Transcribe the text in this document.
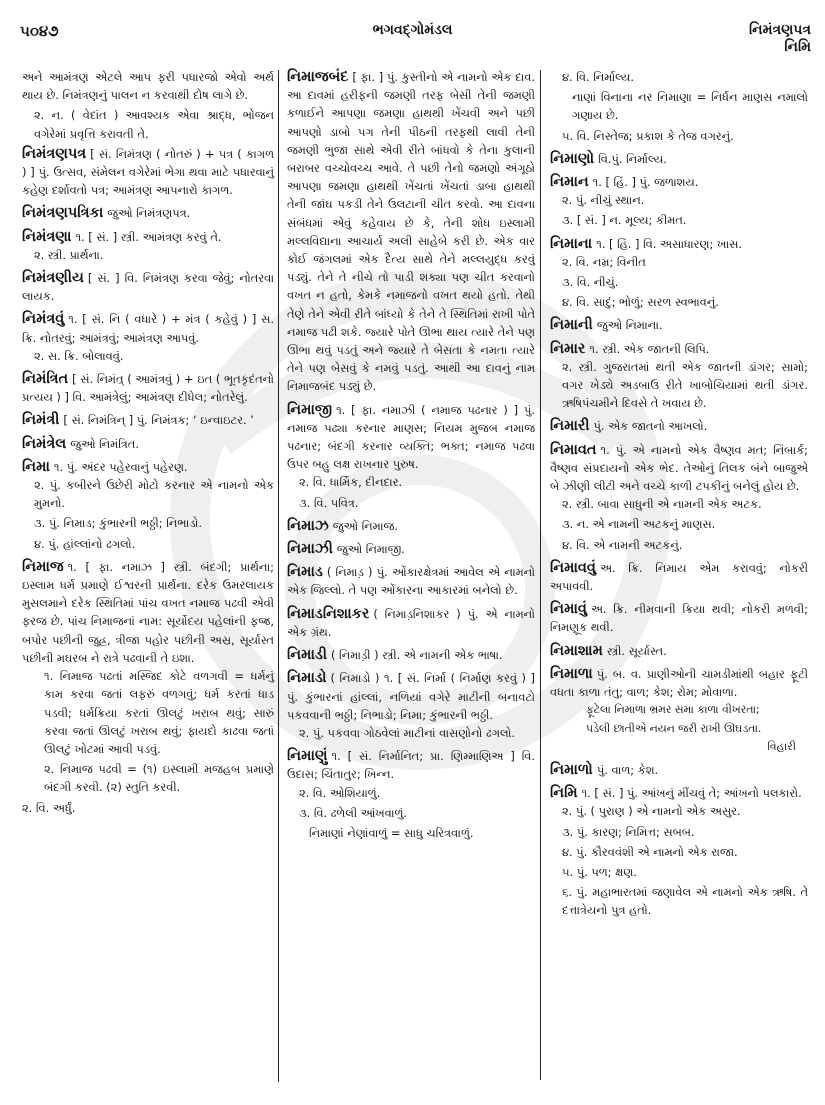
૫૦૪૭	ભગવદ્ગોમંડલ	નિમંત્રણપત્ર
નિમિ

અને આમંત્રણ એટલે આપ ફરી પધારજો એવો અર્થ થાય છે. નિમંત્રણનું પાલન ન કરવાથી દોષ લાગે છે.

૨. ન. ( વેદાંત ) આવશ્યક એવા શ્રાદ્ધ, ભોજન વગેરેમાં પ્રવૃત્તિ કરાવતી તે.

નિમંત્રણપત્ર [ સં. નિમંત્રણ ( નોતરું ) + પત્ર ( કાગળ ) ] પું. ઉત્સવ, સંમેલન વગેરેમાં ભેગા થવા માટે પધારવાનું કહેણ દર્શાવતો પત્ર; આમંત્રણ આપનારો કાગળ.
નિમંત્રણપત્રિકા જુઓ નિમંત્રણપત્ર.
નિમંત્રણા ૧. [ સં. ] સ્ત્રી. આમંત્રણ કરવું તે.
૨. સ્ત્રી. પ્રાર્થના.
નિમંત્રણીય [ સં. ] વિ. નિમંત્રણ કરવા જેવું; નોતરવા લાયક.
નિમંત્રવું ૧. [ સં. નિ ( વધારે ) + મંત્ર ( કહેવું ) ] સ. ક્રિ. નોતરવું; આમંત્રવું; આમંત્રણ આપવું.
૨. સ. ક્રિ. બોલાવવું.
નિમંત્રિત [ સં. નિમંત્ર્ ( આમંત્રવું ) + ઇત ( ભૂતકૃદંતનો પ્રત્યય ) ] વિ. આમંત્રેલું; આમંત્રણ દીધેલ; નોતરેલું.
નિમંત્રી [ સં. નિમંત્રિન્ ] પું. નિમંત્રક; ‘ ઇન્વાઇટર. ’
નિમંત્રેલ જુઓ નિમંત્રિત.
નિમા ૧. પું. અંદર પહેરવાનું પહેરણ.
૨. પું. કબીરને ઉછેરી મોટો કરનાર એ નામનો એક મુમનો.
૩. પું. નિમાડ; કુંભારની ભઠ્ઠી; નિભાડો.
૪. પું. હાંલ્લાંનો ઢગલો.
નિમાજ ૧. [ ફા. નમાઝ ] સ્ત્રી. બંદગી; પ્રાર્થના; ઇસ્લામ ધર્મ પ્રમાણે ઈશ્વરની પ્રાર્થના. દરેક ઉમરલાયક મુસલમાને દરેક સ્થિતિમાં પાંચ વખત નમાજ પઢવી એવી ફરજ છે. પાંચ નિમાજનાં નામ: સૂર્યોદય પહેલાંની ફજ્ર, બપોર પછીની જુહ્ર, ત્રીજા પહોર પછીની અસ્ર, સૂર્યાસ્ત પછીની મઘરબ ને રાત્રે પઢવાની તે ઇશા.
૧. નિમાજ પઢતાં મસ્જિદ કોટે વળગવી = ધર્મનું કામ કરવા જતાં લફરું વળગવું; ધર્મ કરતાં ધાડ પડવી; ધર્મક્રિયા કરતાં ઊલટું ખરાબ થવું; સારું કરવા જતાં ઊલટું ખરાબ થવું; ફાયદો કાઢવા જતાં ઊલટું ખોટમાં આવી પડવું.
૨. નિમાજ પઢવી = (૧) ઇસ્લામી મજહબ પ્રમાણે બંદગી કરવી. (૨) સ્તુતિ કરવી.
૨. વિ. અર્ધું.
નિમાજબંદ [ ફા. ] પું. કુસ્તીનો એ નામનો એક દાવ. આ દાવમાં હરીફની જમણી તરફ બેસી તેની જમણી કળાઈને આપણા જમણા હાથથી ખેંચવી અને પછી આપણો ડાબો પગ તેની પીઠની તરફથી લાવી તેની જમણી ભુજા સાથે એવી રીતે બાંધવો કે તેના કુલાની બરાબર વચ્ચોવચ્ચ આવે. તે પછી તેનો જમણો અંગૂઠો આપણા જમણા હાથથી ખેંચતાં ખેંચતાં ડાબા હાથથી તેની જાંઘ પકડી તેને ઉલટાની ચીત કરવો. આ દાવના સંબંધમાં એવું કહેવાય છે કે, તેની શોધ ઇસ્લામી મલ્લવિદ્યાના આચાર્ય અલી સાહેબે કરી છે. એક વાર કોઈ જંગલમાં એક દૈત્ય સાથે તેને મલ્લયુદ્ધ કરવું પડ્યું. તેને તે નીચે તો પાડી શક્યા પણ ચીત કરવાનો વખત ન હતો, કેમકે નમાજનો વખત થયો હતો. તેથી તેણે તેને એવી રીતે બાંધ્યો કે તેને તે સ્થિતિમાં રાખી પોતે નમાજ પઢી શકે. જ્યારે પોતે ઊભા થાય ત્યારે તેને પણ ઊભા થવું પડતું અને જ્યારે તે બેસતા કે નમતા ત્યારે તેને પણ બેસવું કે નમવું પડતું. આથી આ દાવનું નામ નિમાજબંદ પડ્યું છે.
નિમાજી ૧. [ ફા. નમાઝી ( નમાજ પઢનાર ) ] પું. નમાજ પઢ્યા કરનાર માણસ; નિયમ મુજબ નમાજ પઢનાર; બંદગી કરનાર વ્યક્તિ; ભક્ત; નમાજ પઢવા ઉપર બહુ લક્ષ રાખનાર પુરુષ.
૨. વિ. ધાર્મિક, દીનદાર.
૩. વિ. પવિત્ર.
નિમાઝ જુઓ નિમાજ.
નિમાઝી જુઓ નિમાજી.
નિમાડ ( નિમાડ઼ ) પું. ઓંકારક્ષેત્રમાં આવેલ એ નામનો એક જિલ્લો. તે પણ ઓંકારના આકારમાં બનેલો છે.
નિમાડનિશાકર ( નિમાડ઼નિશાકર ) પું. એ નામનો એક ગ્રંથ.
નિમાડી ( નિમાડ઼ી ) સ્ત્રી. એ નામની એક ભાષા.
નિમાડો ( નિમાડો ) ૧. [ સં. નિર્મા ( નિર્માણ કરવું ) ] પું. કુંભારનાં હાંલ્લાં, નળિયાં વગેરે માટીની બનાવટો પકવવાની ભઠ્ઠી; નિભાડો; નિમા; કુંભારની ભઠ્ઠી.
૨. પું. પકવવા ગોઠવેલાં માટીનાં વાસણોનો ઢગલો.
નિમાણું ૧. [ સં. નિર્માનિત; પ્રા. ણિમ્માણિઅ ] વિ. ઉદાસ; ચિંતાતુર; ખિન્ન.
૨. વિ. ઓશિયાળું.
૩. વિ. ઢળેલી આંખવાળું.
નિમાણાં નેણાંવાળું = સાધુ ચરિત્રવાળું.
૪. વિ. નિર્માલ્ય.
નાણાં વિનાના નર નિમાણા = નિર્ધન માણસ નમાલો ગણાય છે.
૫. વિ. નિસ્તેજ; પ્રકાશ કે તેજ વગરનું.
નિમાણો વિ.પું. નિર્માલ્ય.
નિમાન ૧. [ હિં. ] પું. જળાશય.
૨. પું. નીચું સ્થાન.
૩. [ સં. ] ન. મૂલ્ય; કીમત.
નિમાના ૧. [ હિં. ] વિ. અસાધારણ; ખાસ.
૨. વિ. નમ્ર; વિનીત
૩. વિ. નીચું.
૪. વિ. સાદું; ભોળું; સરળ સ્વભાવનું.
નિમાની જુઓ નિમાના.
નિમાર ૧. સ્ત્રી. એક જાતની લિપિ.
૨. સ્ત્રી. ગુજરાતમાં થતી એક જાતની ડાંગર; સામો; વગર ખેડ્યે અડબાઉ રીતે ખાબોચિયામાં થતી ડાંગર. ઋષિપંચમીને દિવસે તે ખવાય છે.
નિમારી પું. એક જાતનો આખલો.
નિમાવત ૧. પું. એ નામનો એક વૈષ્ણવ મત; નિંબાર્ક; વૈષ્ણવ સંપ્રદાયનો એક ભેદ. તેઓનું તિલક બંને બાજુએ બે ઝીણી લીટી અને વચ્ચે કાળી ટપકીનું બનેલું હોય છે.
૨. સ્ત્રી. બાવા સાધુની એ નામની એક અટક.
૩. ન. એ નામની અટકનું માણસ.
૪. વિ. એ નામની અટકનું.
નિમાવવું અ. ક્રિ. નિમાય એમ કરાવવું; નોકરી અપાવવી.
નિમાવું અ. ક્રિ. નીમવાની ક્રિયા થવી; નોકરી મળવી; નિમણૂક થવી.
નિમાશામ સ્ત્રી. સૂર્યાસ્ત.
નિમાળા પું. બ. વ. પ્રાણીઓની ચામડીમાંથી બહાર ફૂટી વધતા કાળા તંતુ; વાળ; કેશ; રોમ; મોવાળા.
ફૂટેલા નિમાળા ભ્રમર સમા કાળા વીખરતા;
પડેલી છાતીએ નયન જરી રાખી ઊઘડતા.
વિહારી
નિમાળો પું. વાળ; કેશ.
નિમિ ૧. [ સં. ] પું. આંખનું મીંચવું તે; આંખનો પલકારો.
૨. પું. ( પુરાણ ) એ નામનો એક અસુર.
૩. પું. કારણ; નિમિત્ત; સબબ.
૪. પું. કૌરવવંશી એ નામનો એક રાજા.
૫. પું. પળ; ક્ષણ.
૬. પું. મહાભારતમાં જણાવેલ એ નામનો એક ઋષિ. તે દત્તાત્રેયનો પુત્ર હતો.
